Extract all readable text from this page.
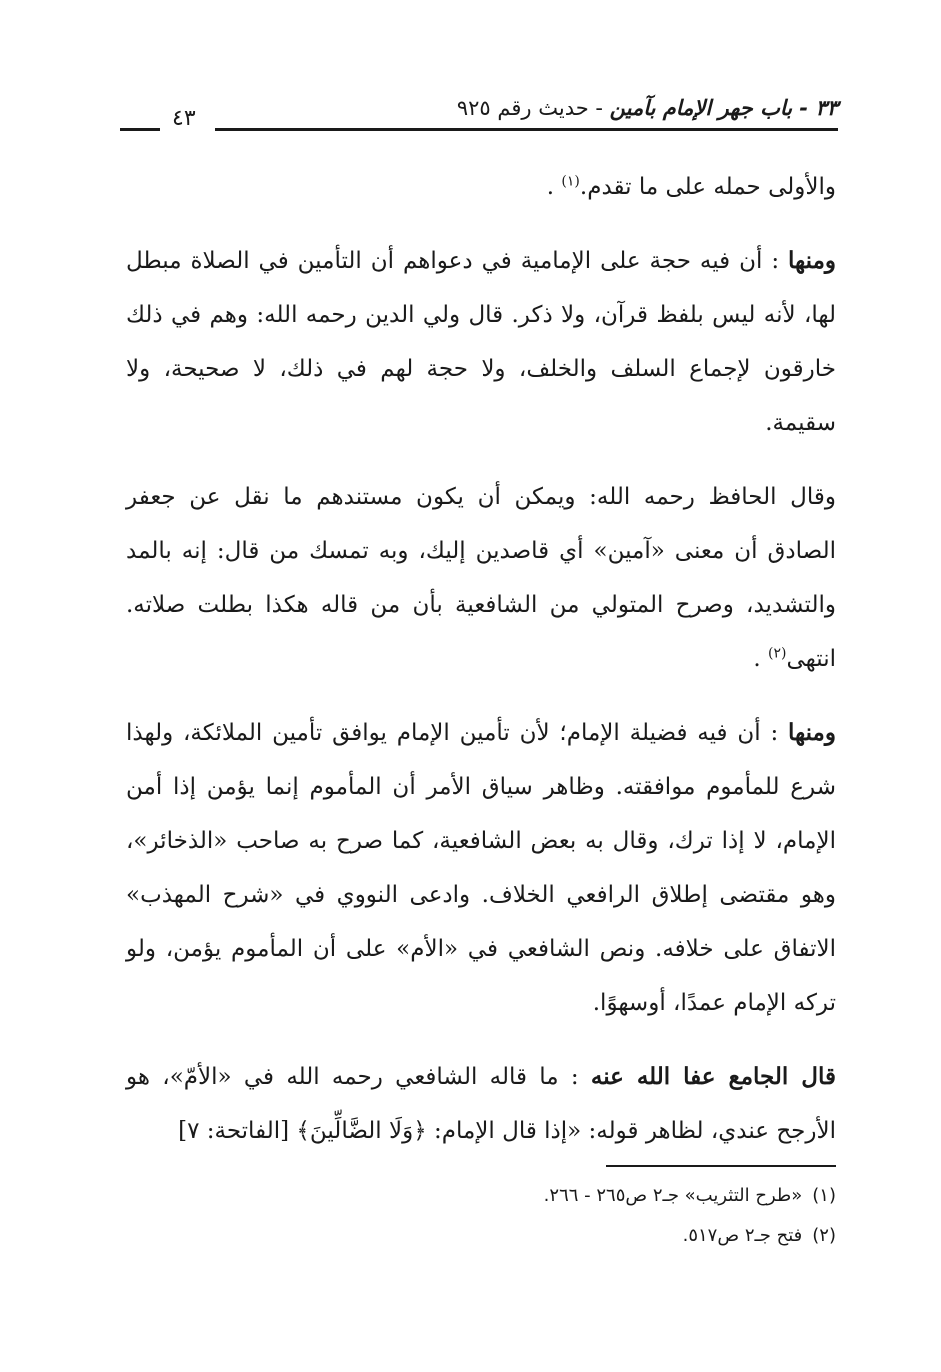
٣٣ - باب جهر الإمام بآمين - حديث رقم ٩٢٥
٤٣

والأولى حمله على ما تقدم.$^{(١)}$ .

ومنها : أن فيه حجة على الإمامية في دعواهم أن التأمين في الصلاة مبطل لها، لأنه ليس بلفظ قرآن، ولا ذكر. قال ولي الدين رحمه الله: وهم في ذلك خارقون لإجماع السلف والخلف، ولا حجة لهم في ذلك، لا صحيحة، ولا سقيمة.

وقال الحافظ رحمه الله: ويمكن أن يكون مستندهم ما نقل عن جعفر الصادق أن معنى «آمين» أي قاصدين إليك، وبه تمسك من قال: إنه بالمد والتشديد، وصرح المتولي من الشافعية بأن من قاله هكذا بطلت صلاته. انتهى$^{(٢)}$ .

ومنها : أن فيه فضيلة الإمام؛ لأن تأمين الإمام يوافق تأمين الملائكة، ولهذا شرع للمأموم موافقته. وظاهر سياق الأمر أن المأموم إنما يؤمن إذا أمن الإمام، لا إذا ترك، وقال به بعض الشافعية، كما صرح به صاحب «الذخائر»، وهو مقتضى إطلاق الرافعي الخلاف. وادعى النووي في «شرح المهذب» الاتفاق على خلافه. ونص الشافعي في «الأم» على أن المأموم يؤمن، ولو تركه الإمام عمدًا، أوسهوًا.

قال الجامع عفا الله عنه : ما قاله الشافعي رحمه الله في «الأمّ»، هو الأرجح عندي، لظاهر قوله: «إذا قال الإمام: ﴿وَلَا الضَّالِّينَ﴾ [الفاتحة: ٧]

(١)«طرح التثريب» جـ٢ ص٢٦٥ - ٢٦٦.
(٢)فتح جـ٢ ص٥١٧.
